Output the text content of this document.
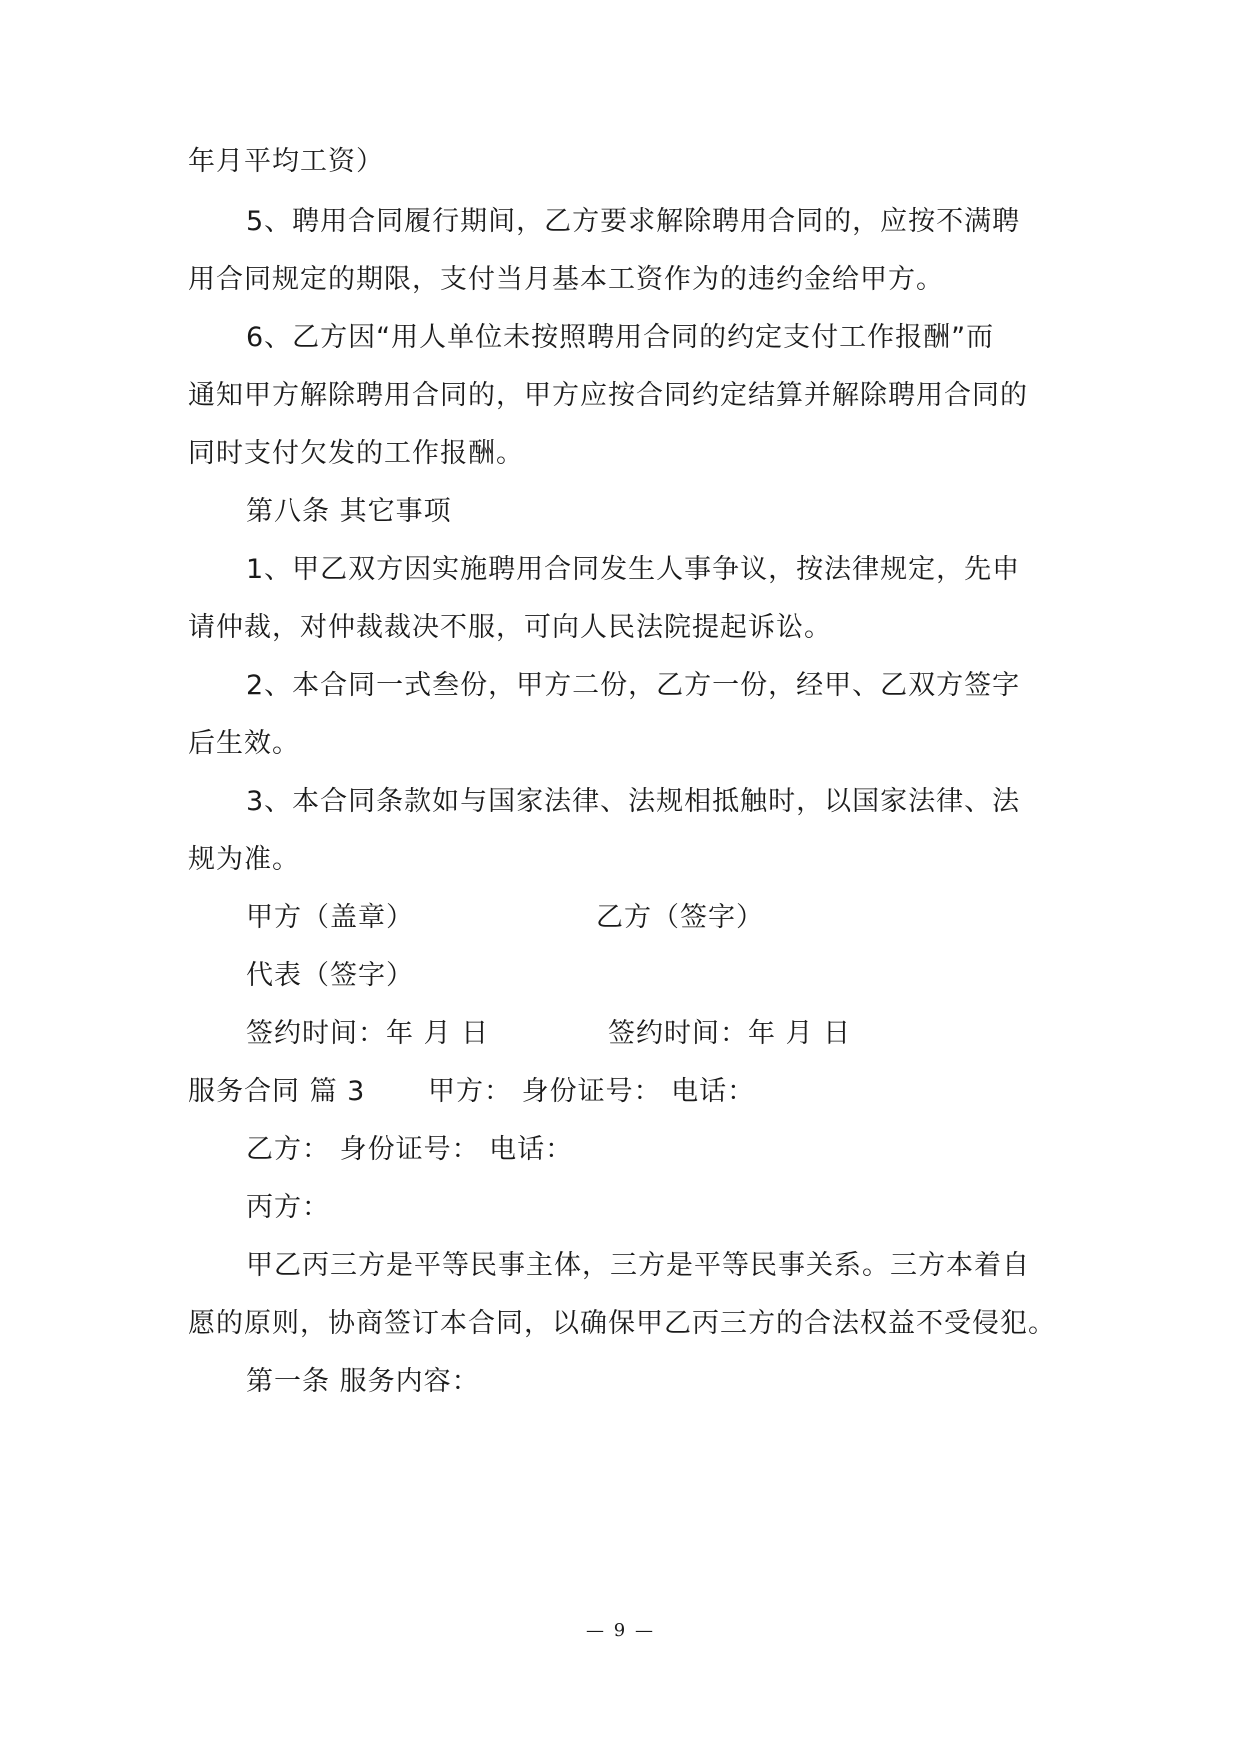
年月平均工资）
5、聘用合同履行期间，乙方要求解除聘用合同的，应按不满聘
用合同规定的期限，支付当月基本工资作为的违约金给甲方。
6、乙方因“用人单位未按照聘用合同的约定支付工作报酬”而
通知甲方解除聘用合同的，甲方应按合同约定结算并解除聘用合同的
同时支付欠发的工作报酬。
第八条 其它事项
1、甲乙双方因实施聘用合同发生人事争议，按法律规定，先申
请仲裁，对仲裁裁决不服，可向人民法院提起诉讼。
2、本合同一式叁份，甲方二份，乙方一份，经甲、乙双方签字
后生效。
3、本合同条款如与国家法律、法规相抵触时，以国家法律、法
规为准。
甲方（盖章）	乙方（签字）
代表（签字）
签约时间：年 月 日	签约时间：年 月 日
服务合同 篇 3 甲方： 身份证号： 电话：
乙方： 身份证号： 电话：
丙方：
甲乙丙三方是平等民事主体，三方是平等民事关系。三方本着自
愿的原则，协商签订本合同，以确保甲乙丙三方的合法权益不受侵犯。
第一条 服务内容：
— 9 —
